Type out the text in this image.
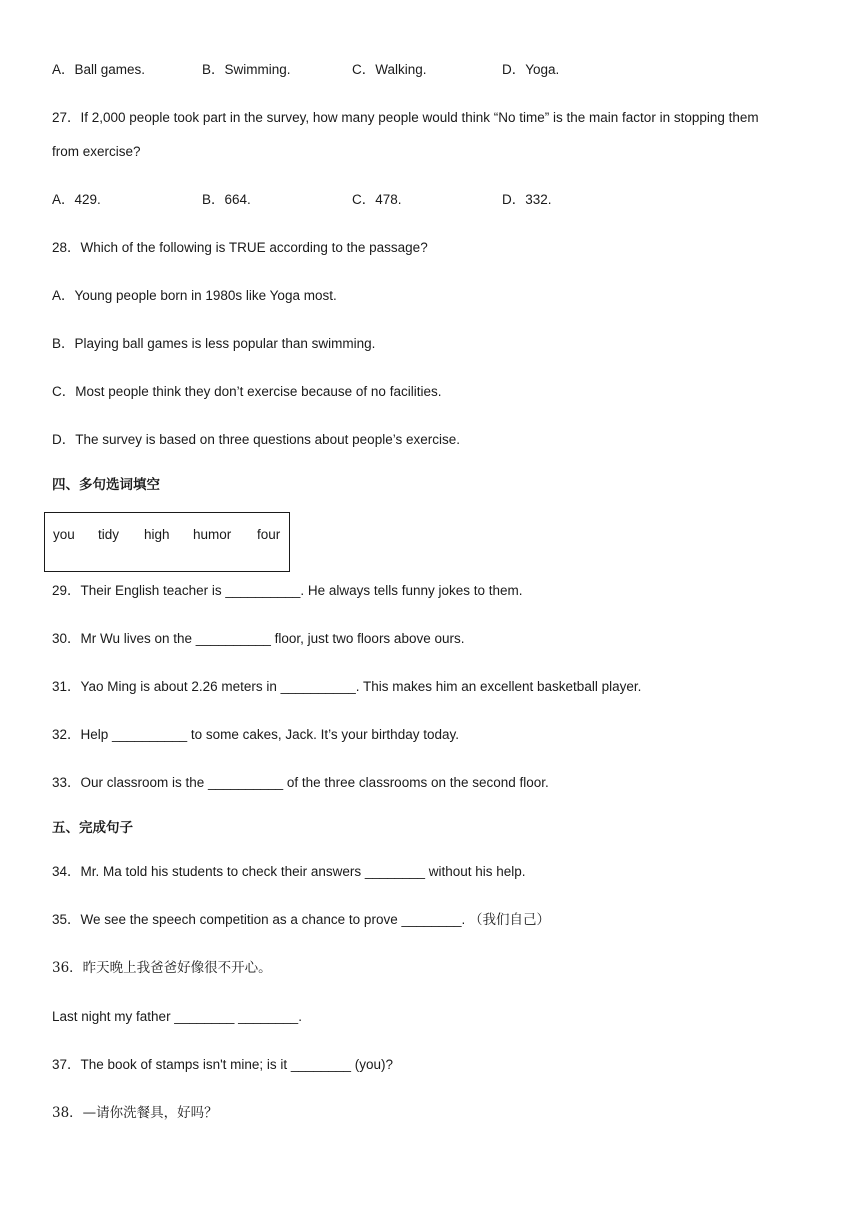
A．Ball games.	B．Swimming.	C．Walking.	D．Yoga.
27．If 2,000 people took part in the survey, how many people would think “No time” is the main factor in stopping them
from exercise?
A．429.	B．664.	C．478.	D．332.
28．Which of the following is TRUE according to the passage?
A．Young people born in 1980s like Yoga most.
B．Playing ball games is less popular than swimming.
C．Most people think they don’t exercise because of no facilities.
D．The survey is based on three questions about people’s exercise.
四、多句选词填空
you tidy high humor four
29．Their English teacher is __________. He always tells funny jokes to them.
30．Mr Wu lives on the __________ floor, just two floors above ours.
31．Yao Ming is about 2.26 meters in __________. This makes him an excellent basketball player.
32．Help __________ to some cakes, Jack. It’s your birthday today.
33．Our classroom is the __________ of the three classrooms on the second floor.
五、完成句子
34．Mr. Ma told his students to check their answers ________ without his help.
35．We see the speech competition as a chance to prove ________. （我们自己）
36．昨天晚上我爸爸好像很不开心。
Last night my father ________ ________.
37．The book of stamps isn't mine; is it ________ (you)?
38．—请你洗餐具，好吗？
